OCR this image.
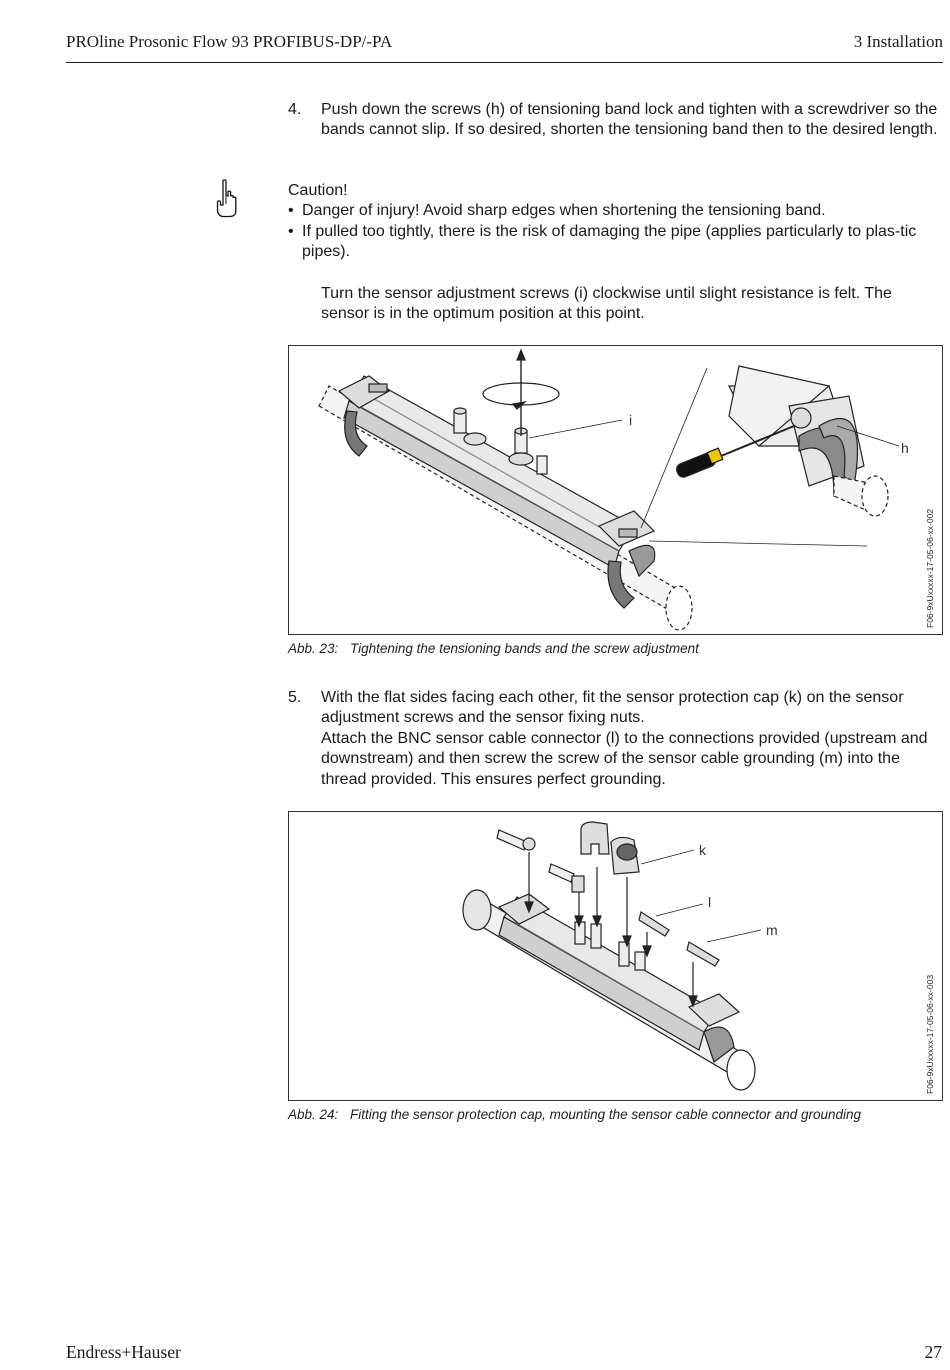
PROline Prosonic Flow 93 PROFIBUS-DP/-PA	3 Installation
4. Push down the screws (h) of tensioning band lock and tighten with a screwdriver so the bands cannot slip. If so desired, shorten the tensioning band then to the desired length.

Caution!

• Danger of injury! Avoid sharp edges when shortening the tensioning band.
• If pulled too tightly, there is the risk of damaging the pipe (applies particularly to plas-tic pipes).

Turn the sensor adjustment screws (i) clockwise until slight resistance is felt. The sensor is in the optimum position at this point.

i
h
F06-9xUxxxxx-17-05-06-xx-002
Abb. 23: Tightening the tensioning bands and the screw adjustment
5. With the flat sides facing each other, fit the sensor protection cap (k) on the sensor adjustment screws and the sensor fixing nuts.

Attach the BNC sensor cable connector (l) to the connections provided (upstream and downstream) and then screw the screw of the sensor cable grounding (m) into the thread provided. This ensures perfect grounding.

k
l
m
F06-9xUxxxxx-17-05-06-xx-003
Abb. 24: Fitting the sensor protection cap, mounting the sensor cable connector and grounding
Endress+Hauser	27
